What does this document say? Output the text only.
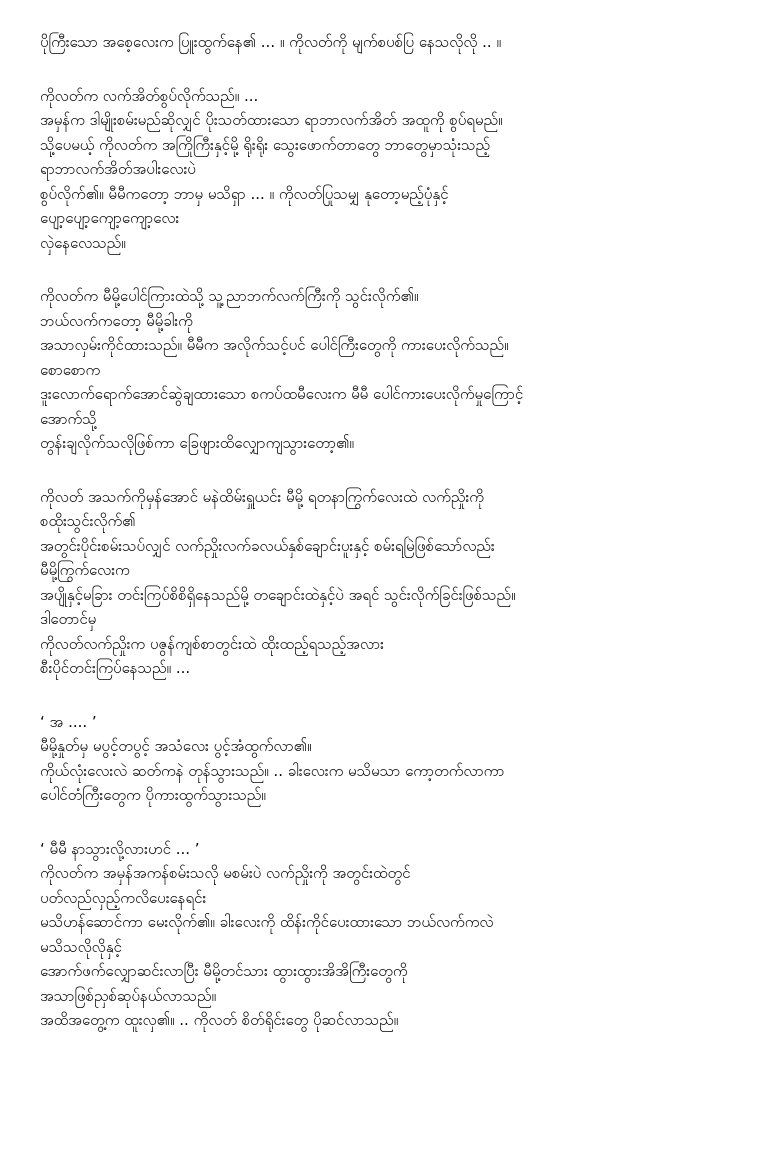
ပိုကြီးသော အစေ့လေးက ပြူးထွက်နေ၏ ... ။ ကိုလတ်ကို မျက်စပစ်ပြ နေသလိုလို .. ။
ကိုလတ်က လက်အိတ်စွပ်လိုက်သည်။ ...
အမှန်က ဒါမျိုးစမ်းမည်ဆိုလျှင် ပိုးသတ်ထားသော ရာဘာလက်အိတ် အထူကို စွပ်ရမည်။
သို့ပေမယ့် ကိုလတ်က အကြိုကြီးနှင့်မို့ ရိုးရိုး သွေးဖောက်တာတွေ ဘာတွေမှာသုံးသည့်
ရာဘာလက်အိတ်အပါးလေးပဲ
စွပ်လိုက်၏။ မီမီကတော့ ဘာမှ မသိရှာ ... ။ ကိုလတ်ပြုသမျှ နုတော့မည့်ပုံနှင့်
ပျော့ပျော့ကျော့ကျော့လေး
လှဲနေလေသည်။
ကိုလတ်က မီမို့ပေါင်ကြားထဲသို့ သူ့ညာဘက်လက်ကြီးကို သွင်းလိုက်၏။
ဘယ်လက်ကတော့ မီမို့ခါးကို
အသာလှမ်းကိုင်ထားသည်။ မီမီက အလိုက်သင့်ပင် ပေါင်ကြီးတွေကို ကားပေးလိုက်သည်။
စောစောက
ဒူးလောက်ရောက်အောင်ဆွဲချထားသော စကပ်ထမီလေးက မီမီ ပေါင်ကားပေးလိုက်မှုကြောင့်
အောက်သို့
တွန်းချလိုက်သလိုဖြစ်ကာ ခြေဖျားထိလျှောကျသွားတော့၏။
ကိုလတ် အသက်ကိုမှန်အောင် မနဲထိမ်းရှူယင်း မီမို့ ရတနာကြွက်လေးထဲ လက်ညှိုးကို
စထိုးသွင်းလိုက်၏
အတွင်းပိုင်းစမ်းသပ်လျှင် လက်ညှိုးလက်ခလယ်နှစ်ချောင်းပူးနှင့် စမ်းရမြဲဖြစ်သော်လည်း
မီမို့ကြွက်လေးက
အပျိုနှင့်မခြား တင်းကြပ်စိစိရှိနေသည်မို့ တချောင်းထဲနှင့်ပဲ အရင် သွင်းလိုက်ခြင်းဖြစ်သည်။
ဒါတောင်မှ
ကိုလတ်လက်ညှိုးက ပဇွန်ကျစ်စာတွင်းထဲ ထိုးထည့်ရသည့်အလား
စီးပိုင်တင်းကြပ်နေသည်။ ...
‘ အ .... ’
မီမို့နှုတ်မှ မပွင့်တပွင့် အသံလေး ပွင့်အံထွက်လာ၏။
ကိုယ်လုံးလေးလဲ ဆတ်ကနဲ တုန်သွားသည်။ .. ခါးလေးက မသိမသာ ကော့တက်လာကာ
ပေါင်တံကြီးတွေက ပိုကားထွက်သွားသည်။
‘ မီမီ နာသွားလို့လားဟင် ... ’
ကိုလတ်က အမှန်အကန်စမ်းသလို မစမ်းပဲ လက်ညှိုးကို အတွင်းထဲတွင်
ပတ်လည်လှည့်ကလိပေးနေရင်း
မသိဟန်ဆောင်ကာ မေးလိုက်၏။ ခါးလေးကို ထိန်းကိုင်ပေးထားသော ဘယ်လက်ကလဲ
မသိသလိုလိုနှင့်
အောက်ဖက်လျှောဆင်းလာပြီး မီမို့တင်သား ထွားထွားအိအိကြီးတွေကို
အသာဖြစ်ညှစ်ဆုပ်နယ်လာသည်။
အထိအတွေ့က ထူးလှ၏။ .. ကိုလတ် စိတ်ရိုင်းတွေ ပိုဆင်လာသည်။
